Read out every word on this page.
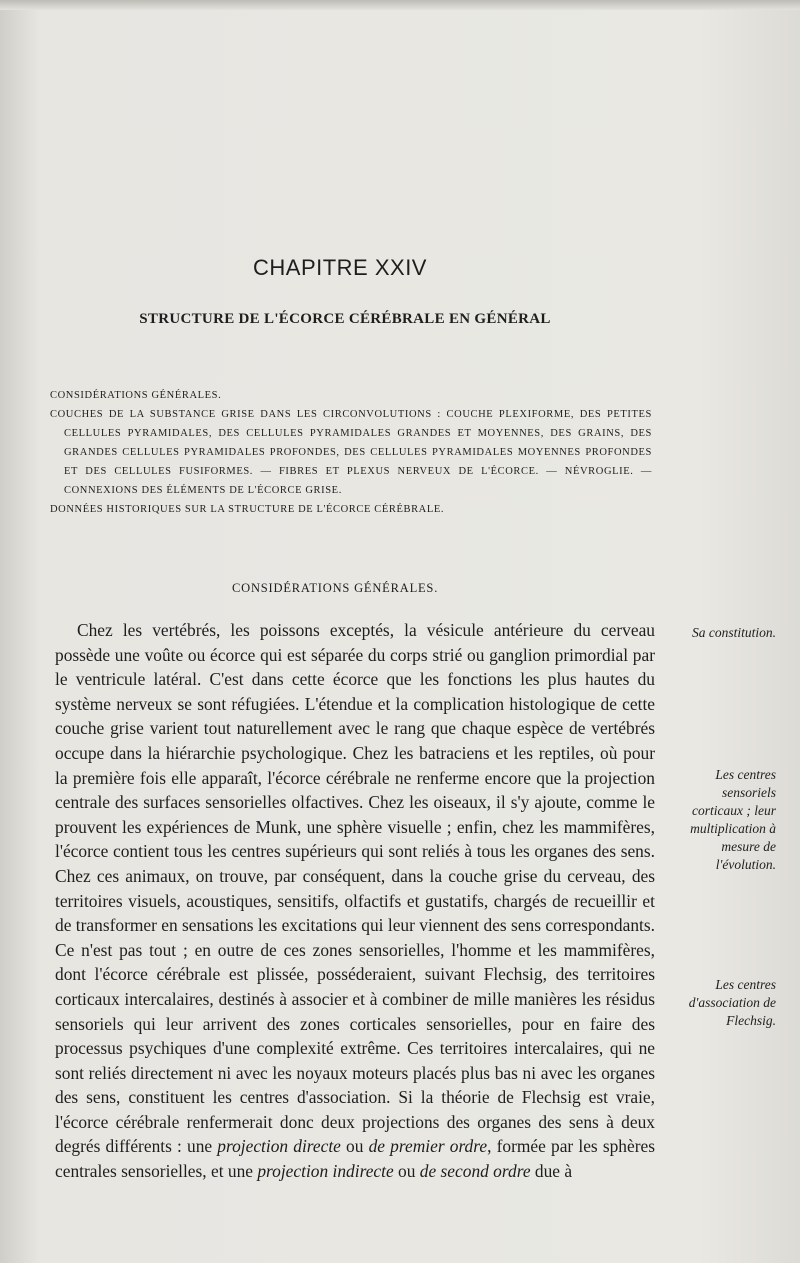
CHAPITRE XXIV
STRUCTURE DE L'ÉCORCE CÉRÉBRALE EN GÉNÉRAL

CONSIDÉRATIONS GÉNÉRALES.

COUCHES DE LA SUBSTANCE GRISE DANS LES CIRCONVOLUTIONS : COUCHE PLEXIFORME, DES PETITES CELLULES PYRAMIDALES, DES CELLULES PYRAMIDALES GRANDES ET MOYENNES, DES GRAINS, DES GRANDES CELLULES PYRAMIDALES PROFONDES, DES CELLULES PYRAMIDALES MOYENNES PROFONDES ET DES CELLULES FUSIFORMES. — FIBRES ET PLEXUS NERVEUX DE L'ÉCORCE. — NÉVROGLIE. — CONNEXIONS DES ÉLÉMENTS DE L'ÉCORCE GRISE.

DONNÉES HISTORIQUES SUR LA STRUCTURE DE L'ÉCORCE CÉRÉBRALE.

CONSIDÉRATIONS GÉNÉRALES.

Chez les vertébrés, les poissons exceptés, la vésicule antérieure du cerveau possède une voûte ou écorce qui est séparée du corps strié ou ganglion primordial par le ventricule latéral. C'est dans cette écorce que les fonctions les plus hautes du système nerveux se sont réfugiées. L'étendue et la complication histologique de cette couche grise varient tout naturellement avec le rang que chaque espèce de vertébrés occupe dans la hiérarchie psychologique. Chez les batraciens et les reptiles, où pour la première fois elle apparaît, l'écorce cérébrale ne renferme encore que la projection centrale des surfaces sensorielles olfactives. Chez les oiseaux, il s'y ajoute, comme le prouvent les expériences de Munk, une sphère visuelle ; enfin, chez les mammifères, l'écorce contient tous les centres supérieurs qui sont reliés à tous les organes des sens. Chez ces animaux, on trouve, par conséquent, dans la couche grise du cerveau, des territoires visuels, acoustiques, sensitifs, olfactifs et gustatifs, chargés de recueillir et de transformer en sensations les excitations qui leur viennent des sens correspondants. Ce n'est pas tout ; en outre de ces zones sensorielles, l'homme et les mammifères, dont l'écorce cérébrale est plissée, posséderaient, suivant Flechsig, des territoires corticaux intercalaires, destinés à associer et à combiner de mille manières les résidus sensoriels qui leur arrivent des zones corticales sensorielles, pour en faire des processus psychiques d'une complexité extrême. Ces territoires intercalaires, qui ne sont reliés directement ni avec les noyaux moteurs placés plus bas ni avec les organes des sens, constituent les centres d'association. Si la théorie de Flechsig est vraie, l'écorce cérébrale renfermerait donc deux projections des organes des sens à deux degrés différents : une projection directe ou de premier ordre, formée par les sphères centrales sensorielles, et une projection indirecte ou de second ordre due à

Sa constitution.
Les centres sensoriels corticaux ; leur multiplication à mesure de l'évolution.
Les centres d'association de Flechsig.
